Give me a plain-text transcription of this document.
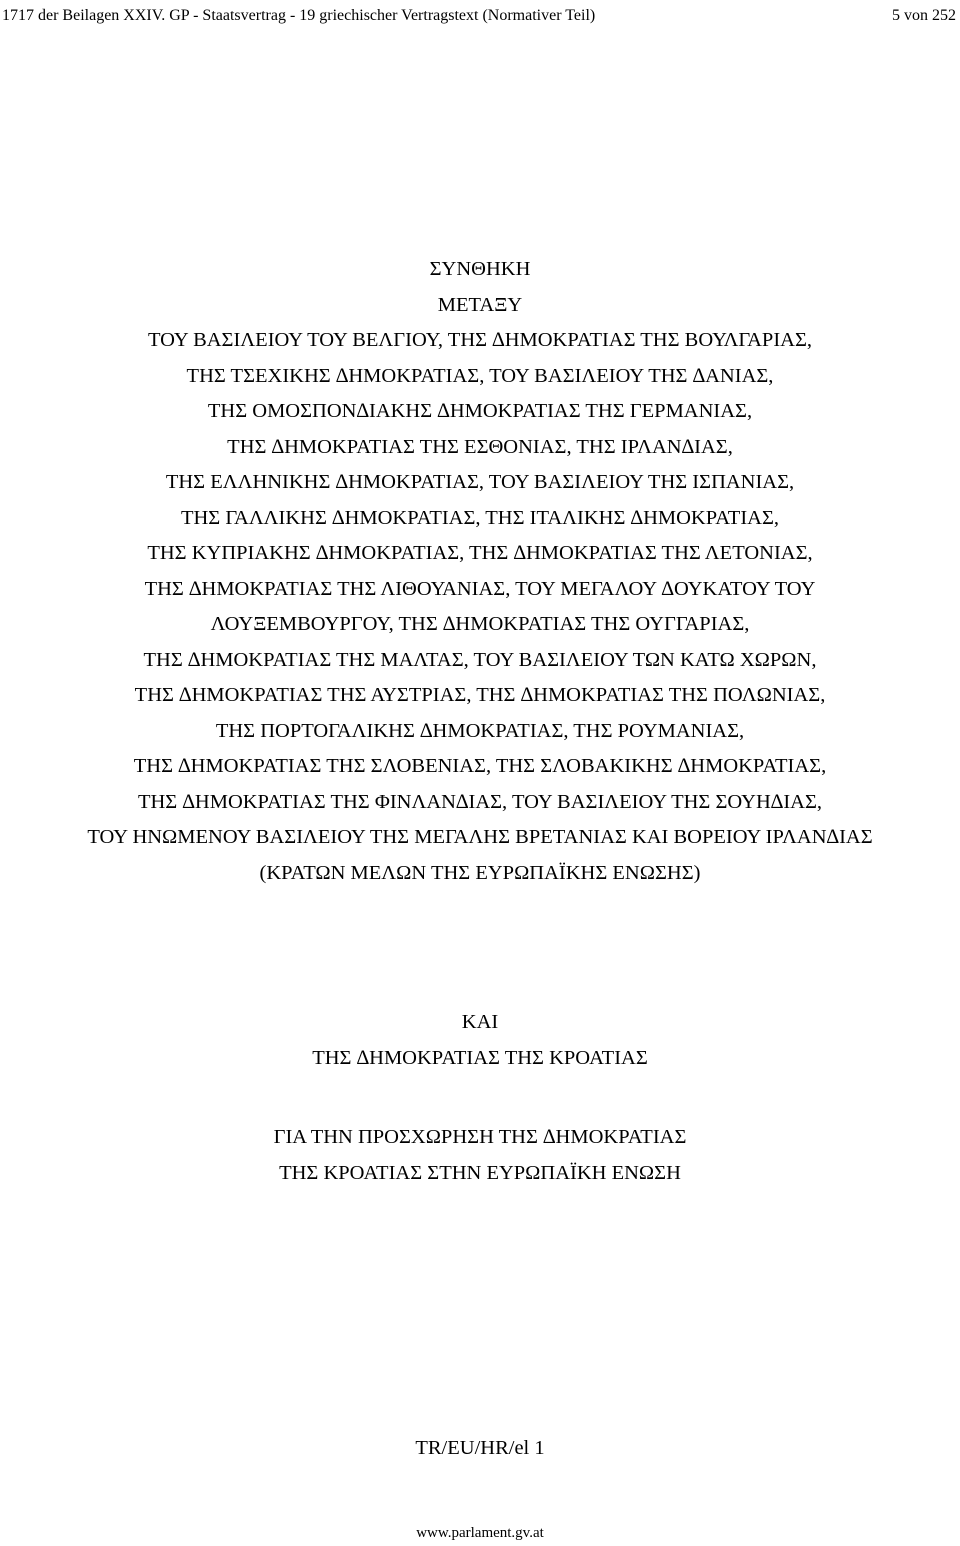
1717 der Beilagen XXIV. GP - Staatsvertrag - 19 griechischer Vertragstext (Normativer Teil)	5 von 252
ΣΥΝΘΗΚΗ
ΜΕΤΑΞΥ
ΤΟΥ ΒΑΣΙΛΕΙΟΥ ΤΟΥ ΒΕΛΓΙΟΥ, ΤΗΣ ∆ΗΜΟΚΡΑΤΙΑΣ ΤΗΣ ΒΟΥΛΓΑΡΙΑΣ,
ΤΗΣ ΤΣΕΧΙΚΗΣ ∆ΗΜΟΚΡΑΤΙΑΣ, ΤΟΥ ΒΑΣΙΛΕΙΟΥ ΤΗΣ ∆ΑΝΙΑΣ,
ΤΗΣ ΟΜΟΣΠΟΝ∆ΙΑΚΗΣ ∆ΗΜΟΚΡΑΤΙΑΣ ΤΗΣ ΓΕΡΜΑΝΙΑΣ,
ΤΗΣ ∆ΗΜΟΚΡΑΤΙΑΣ ΤΗΣ ΕΣΘΟΝΙΑΣ, ΤΗΣ ΙΡΛΑΝ∆ΙΑΣ,
ΤΗΣ ΕΛΛΗΝΙΚΗΣ ∆ΗΜΟΚΡΑΤΙΑΣ, ΤΟΥ ΒΑΣΙΛΕΙΟΥ ΤΗΣ ΙΣΠΑΝΙΑΣ,
ΤΗΣ ΓΑΛΛΙΚΗΣ ∆ΗΜΟΚΡΑΤΙΑΣ, ΤΗΣ ΙΤΑΛΙΚΗΣ ∆ΗΜΟΚΡΑΤΙΑΣ,
ΤΗΣ ΚΥΠΡΙΑΚΗΣ ∆ΗΜΟΚΡΑΤΙΑΣ, ΤΗΣ ∆ΗΜΟΚΡΑΤΙΑΣ ΤΗΣ ΛΕΤΟΝΙΑΣ,
ΤΗΣ ∆ΗΜΟΚΡΑΤΙΑΣ ΤΗΣ ΛΙΘΟΥΑΝΙΑΣ, ΤΟΥ ΜΕΓΑΛΟΥ ∆ΟΥΚΑΤΟΥ ΤΟΥ
ΛΟΥΞΕΜΒΟΥΡΓΟΥ, ΤΗΣ ∆ΗΜΟΚΡΑΤΙΑΣ ΤΗΣ ΟΥΓΓΑΡΙΑΣ,
ΤΗΣ ∆ΗΜΟΚΡΑΤΙΑΣ ΤΗΣ ΜΑΛΤΑΣ, ΤΟΥ ΒΑΣΙΛΕΙΟΥ ΤΩΝ ΚΑΤΩ ΧΩΡΩΝ,
ΤΗΣ ∆ΗΜΟΚΡΑΤΙΑΣ ΤΗΣ ΑΥΣΤΡΙΑΣ, ΤΗΣ ∆ΗΜΟΚΡΑΤΙΑΣ ΤΗΣ ΠΟΛΩΝΙΑΣ,
ΤΗΣ ΠΟΡΤΟΓΑΛΙΚΗΣ ∆ΗΜΟΚΡΑΤΙΑΣ, ΤΗΣ ΡΟΥΜΑΝΙΑΣ,
ΤΗΣ ∆ΗΜΟΚΡΑΤΙΑΣ ΤΗΣ ΣΛΟΒΕΝΙΑΣ, ΤΗΣ ΣΛΟΒΑΚΙΚΗΣ ∆ΗΜΟΚΡΑΤΙΑΣ,
ΤΗΣ ∆ΗΜΟΚΡΑΤΙΑΣ ΤΗΣ ΦΙΝΛΑΝ∆ΙΑΣ, ΤΟΥ ΒΑΣΙΛΕΙΟΥ ΤΗΣ ΣΟΥΗ∆ΙΑΣ,
ΤΟΥ ΗΝΩΜΕΝΟΥ ΒΑΣΙΛΕΙΟΥ ΤΗΣ ΜΕΓΑΛΗΣ ΒΡΕΤΑΝΙΑΣ ΚΑΙ ΒΟΡΕΙΟΥ ΙΡΛΑΝ∆ΙΑΣ
(ΚΡΑΤΩΝ ΜΕΛΩΝ ΤΗΣ ΕΥΡΩΠΑΪΚΗΣ ΕΝΩΣΗΣ)
ΚΑΙ
ΤΗΣ ∆ΗΜΟΚΡΑΤΙΑΣ ΤΗΣ ΚΡΟΑΤΙΑΣ
ΓΙΑ ΤΗΝ ΠΡΟΣΧΩΡΗΣΗ ΤΗΣ ∆ΗΜΟΚΡΑΤΙΑΣ
ΤΗΣ ΚΡΟΑΤΙΑΣ ΣΤΗΝ ΕΥΡΩΠΑΪΚΗ ΕΝΩΣΗ
TR/EU/HR/el 1
www.parlament.gv.at
